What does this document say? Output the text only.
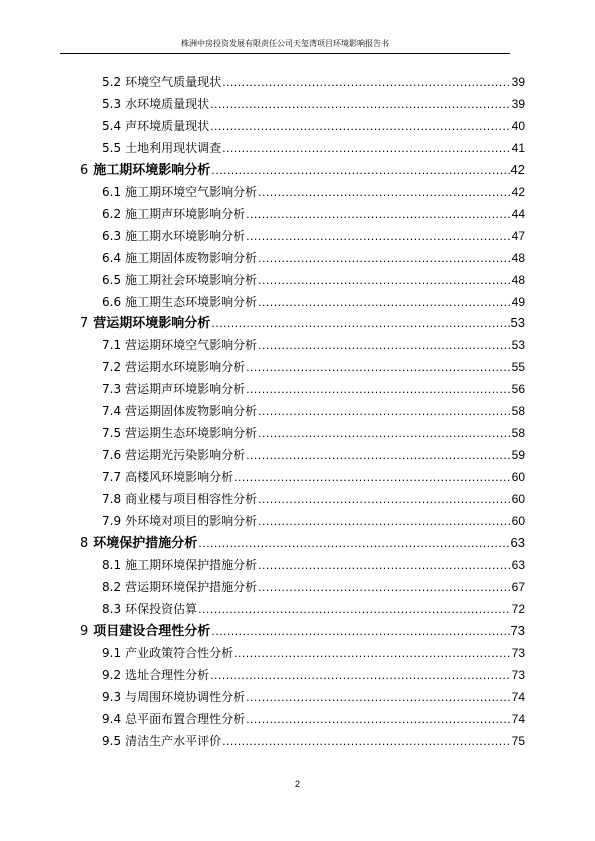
株洲中房投资发展有限责任公司天玺湾项目环境影响报告书
5.2 环境空气质量现状 .....	39
5.3 水环境质量现状 .....	39
5.4 声环境质量现状 .....	40
5.5 土地利用现状调查 .....	41
6 施工期环境影响分析 .....	42
6.1 施工期环境空气影响分析 .....	42
6.2 施工期声环境影响分析 .....	44
6.3 施工期水环境影响分析 .....	47
6.4 施工期固体废物影响分析 .....	48
6.5 施工期社会环境影响分析 .....	48
6.6 施工期生态环境影响分析 .....	49
7 营运期环境影响分析 .....	53
7.1 营运期环境空气影响分析 .....	53
7.2 营运期水环境影响分析 .....	55
7.3 营运期声环境影响分析 .....	56
7.4 营运期固体废物影响分析 .....	58
7.5 营运期生态环境影响分析 .....	58
7.6 营运期光污染影响分析 .....	59
7.7 高楼风环境影响分析 .....	60
7.8 商业楼与项目相容性分析 .....	60
7.9 外环境对项目的影响分析 .....	60
8 环境保护措施分析 .....	63
8.1 施工期环境保护措施分析 .....	63
8.2 营运期环境保护措施分析 .....	67
8.3 环保投资估算 .....	72
9 项目建设合理性分析 .....	73
9.1 产业政策符合性分析 .....	73
9.2 选址合理性分析 .....	73
9.3 与周围环境协调性分析 .....	74
9.4 总平面布置合理性分析 .....	74
9.5 清洁生产水平评价 .....	75
2
